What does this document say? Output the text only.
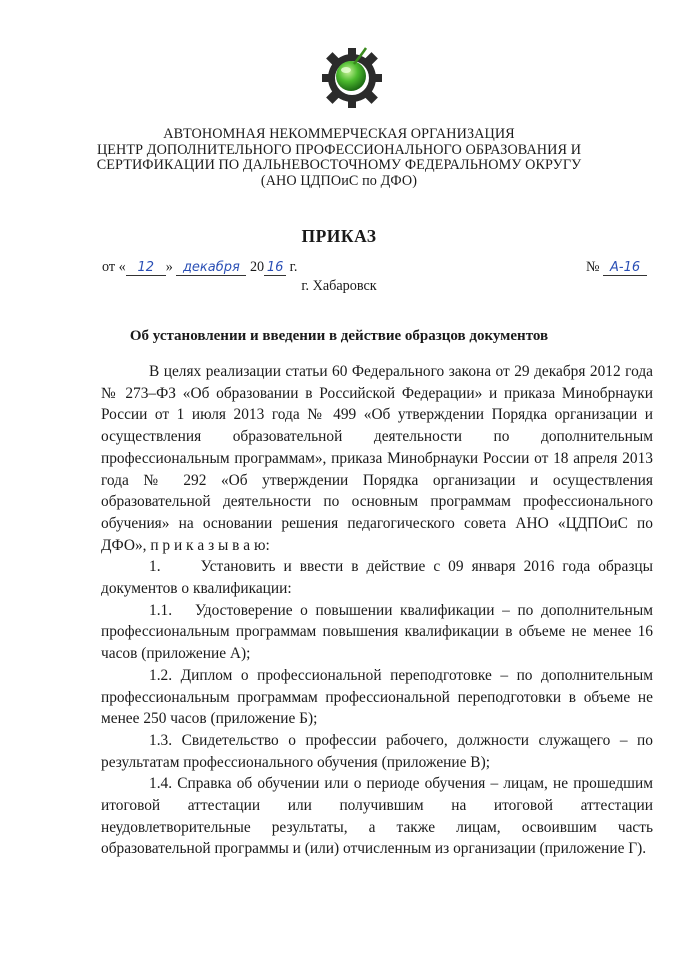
АВТОНОМНАЯ НЕКОММЕРЧЕСКАЯ ОРГАНИЗАЦИЯ
ЦЕНТР ДОПОЛНИТЕЛЬНОГО ПРОФЕССИОНАЛЬНОГО ОБРАЗОВАНИЯ И
СЕРТИФИКАЦИИ ПО ДАЛЬНЕВОСТОЧНОМУ ФЕДЕРАЛЬНОМУ ОКРУГУ
(АНО ЦДПОиС по ДФО)
ПРИКАЗ
от « 12 » декабря 20 16 г.	№ А-16
г. Хабаровск
Об установлении и введении в действие образцов документов

В целях реализации статьи 60 Федерального закона от 29 декабря 2012 года № 273–ФЗ «Об образовании в Российской Федерации» и приказа Минобрнауки России от 1 июля 2013 года № 499 «Об утверждении Порядка организации и осуществления образовательной деятельности по дополнительным профессиональным программам», приказа Минобрнауки России от 18 апреля 2013 года № 292 «Об утверждении Порядка организации и осуществления образовательной деятельности по основным программам профессионального обучения» на основании решения педагогического совета АНО «ЦДПОиС по ДФО», п р и к а з ы в а ю:

1.     Установить и ввести в действие с 09 января 2016 года образцы документов о квалификации:

1.1.   Удостоверение о повышении квалификации – по дополнительным профессиональным программам повышения квалификации в объеме не менее 16 часов (приложение А);

1.2. Диплом о профессиональной переподготовке – по дополнительным профессиональным программам профессиональной переподготовки в объеме не менее 250 часов (приложение Б);

1.3. Свидетельство о профессии рабочего, должности служащего – по результатам профессионального обучения (приложение В);

1.4. Справка об обучении или о периоде обучения – лицам, не прошедшим итоговой аттестации или получившим на итоговой аттестации неудовлетворительные результаты, а также лицам, освоившим часть образовательной программы и (или) отчисленным из организации (приложение Г).
